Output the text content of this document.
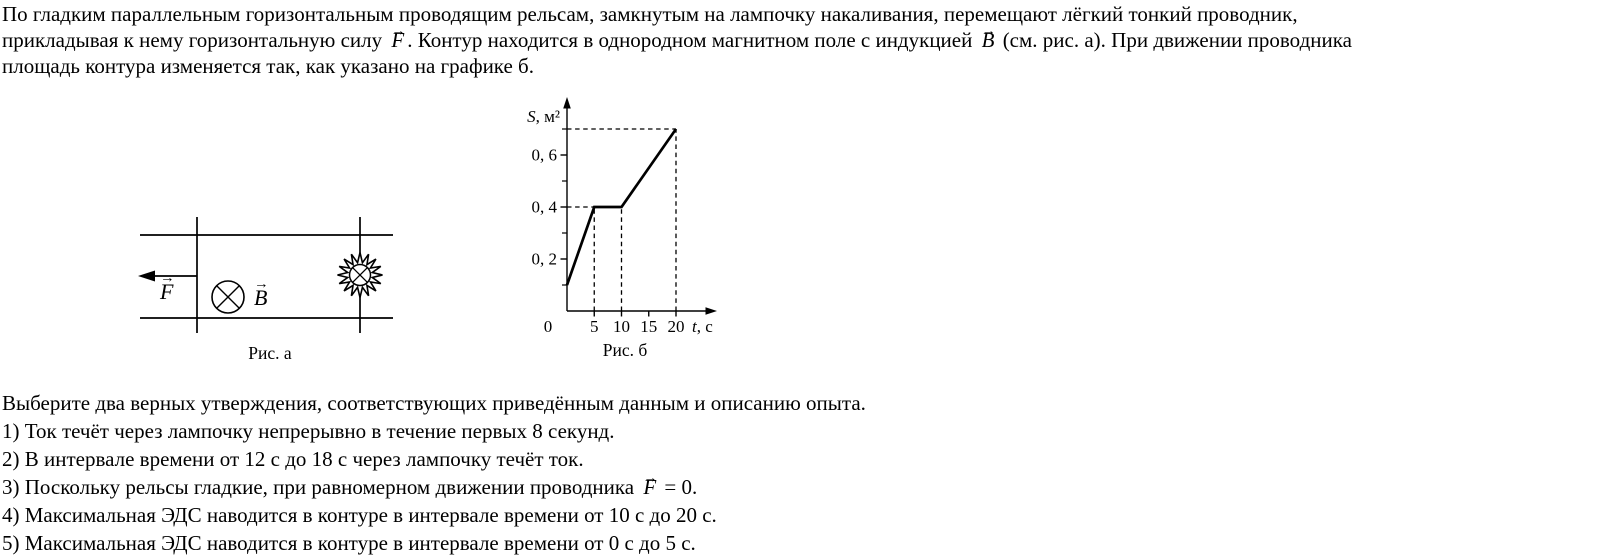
По гладким параллельным горизонтальным проводящим рельсам, замкнутым на лампочку накаливания, перемещают лёгкий тонкий проводник,
прикладывая к нему горизонтальную силу F → . Контур находится в однородном магнитном поле с индукцией B → (см. рис. а). При движении проводника
площадь контура изменяется так, как указано на графике б.
F →	B →
Рис. а
0, 2
0, 4
0, 6
0 5 10 15 20
S, м²
t, с
Рис. б
Выберите два верных утверждения, соответствующих приведённым данным и описанию опыта.
1) Ток течёт через лампочку непрерывно в течение первых 8 секунд.
2) В интервале времени от 12 с до 18 с через лампочку течёт ток.
3) Поскольку рельсы гладкие, при равномерном движении проводника F → = 0.
4) Максимальная ЭДС наводится в контуре в интервале времени от 10 с до 20 с.
5) Максимальная ЭДС наводится в контуре в интервале времени от 0 с до 5 с.
